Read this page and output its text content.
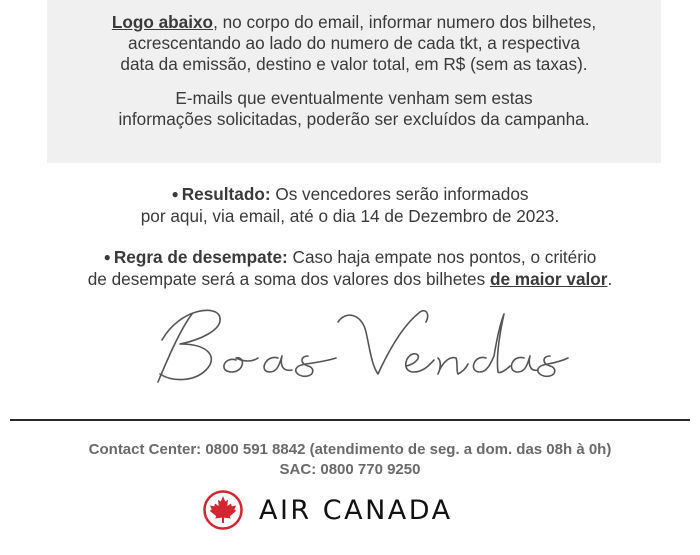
Logo abaixo, no corpo do email, informar numero dos bilhetes,
acrescentando ao lado do numero de cada tkt, a respectiva
data da emissão, destino e valor total, em R$ (sem as taxas).

E-mails que eventualmente venham sem estas
informações solicitadas, poderão ser excluídos da campanha.

● Resultado: Os vencedores serão informados
por aqui, via email, até o dia 14 de Dezembro de 2023.
● Regra de desempate: Caso haja empate nos pontos, o critério
de desempate será a soma dos valores dos bilhetes de maior valor.
Contact Center: 0800 591 8842 (atendimento de seg. a dom. das 08h à 0h)
SAC: 0800 770 9250
AIR CANADA
